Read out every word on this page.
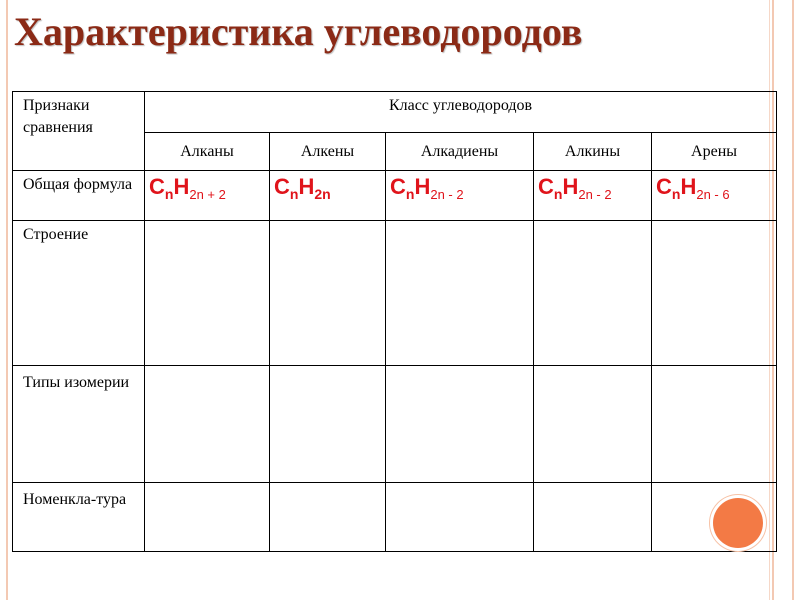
Характеристика углеводородов
Признаки сравнения	Класс углеводородов				
	Алканы	Алкены	Алкадиены	Алкины	Арены
Общая формула	$C_nH_{2n + 2}$	$C_nH_{2n}$	$C_nH_{2n - 2}$	$C_nH_{2n - 2}$	$C_nH_{2n - 6}$
Строение					
Типы изомерии					
Номенкла-тура					
